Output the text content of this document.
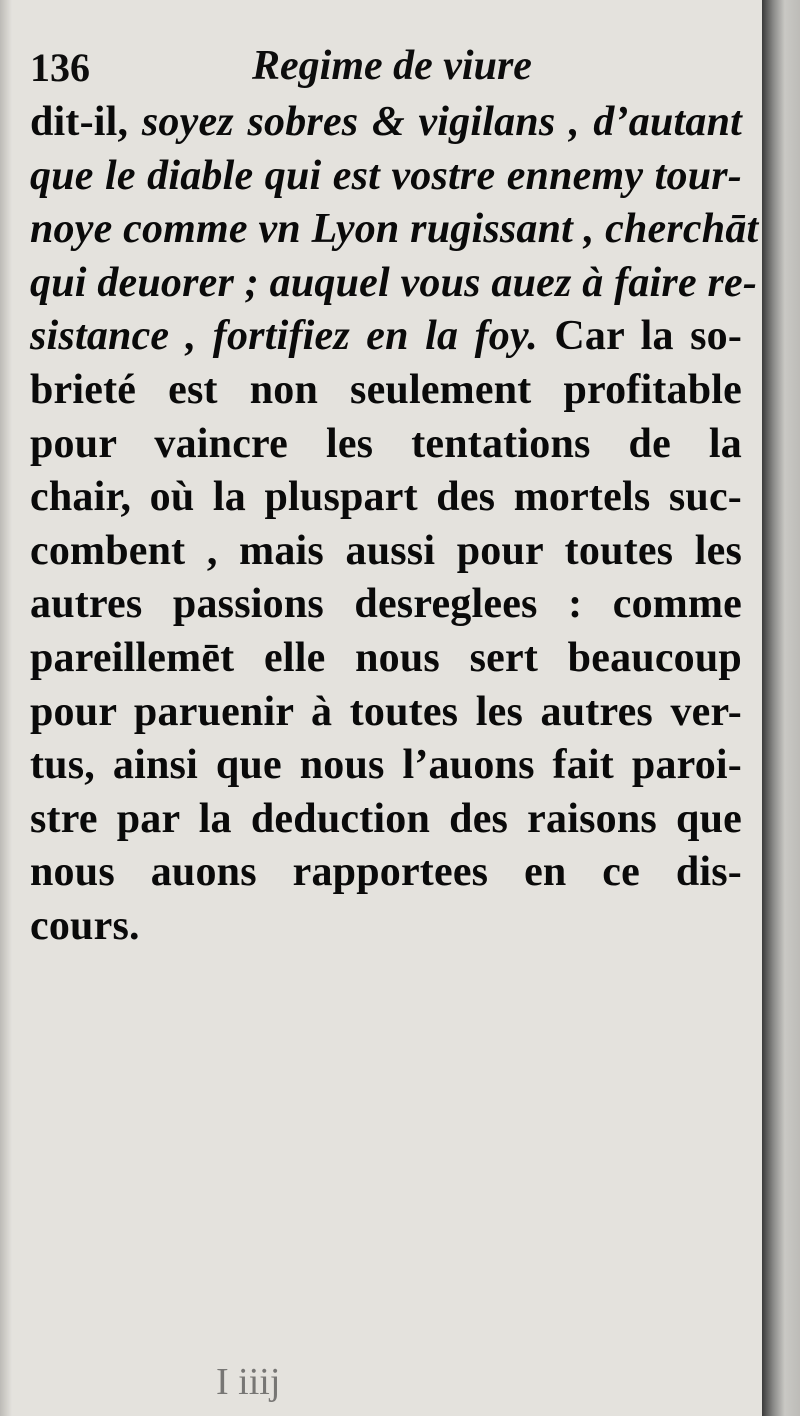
136	Regime de viure
dit-il, soyez sobres & vigilans , d’autant
que le diable qui est vostre ennemy tour-
noye comme vn Lyon rugissant , cherchāt
qui deuorer ; auquel vous auez à faire re-
sistance , fortifiez en la foy. Car la so-
brieté est non seulement profitable
pour vaincre les tentations de la
chair, où la pluspart des mortels suc-
combent , mais aussi pour toutes les
autres passions desreglees : comme
pareillemēt elle nous sert beaucoup
pour paruenir à toutes les autres ver-
tus, ainsi que nous l’auons fait paroi-
stre par la deduction des raisons que
nous auons rapportees en ce dis-
cours.
I iiij
